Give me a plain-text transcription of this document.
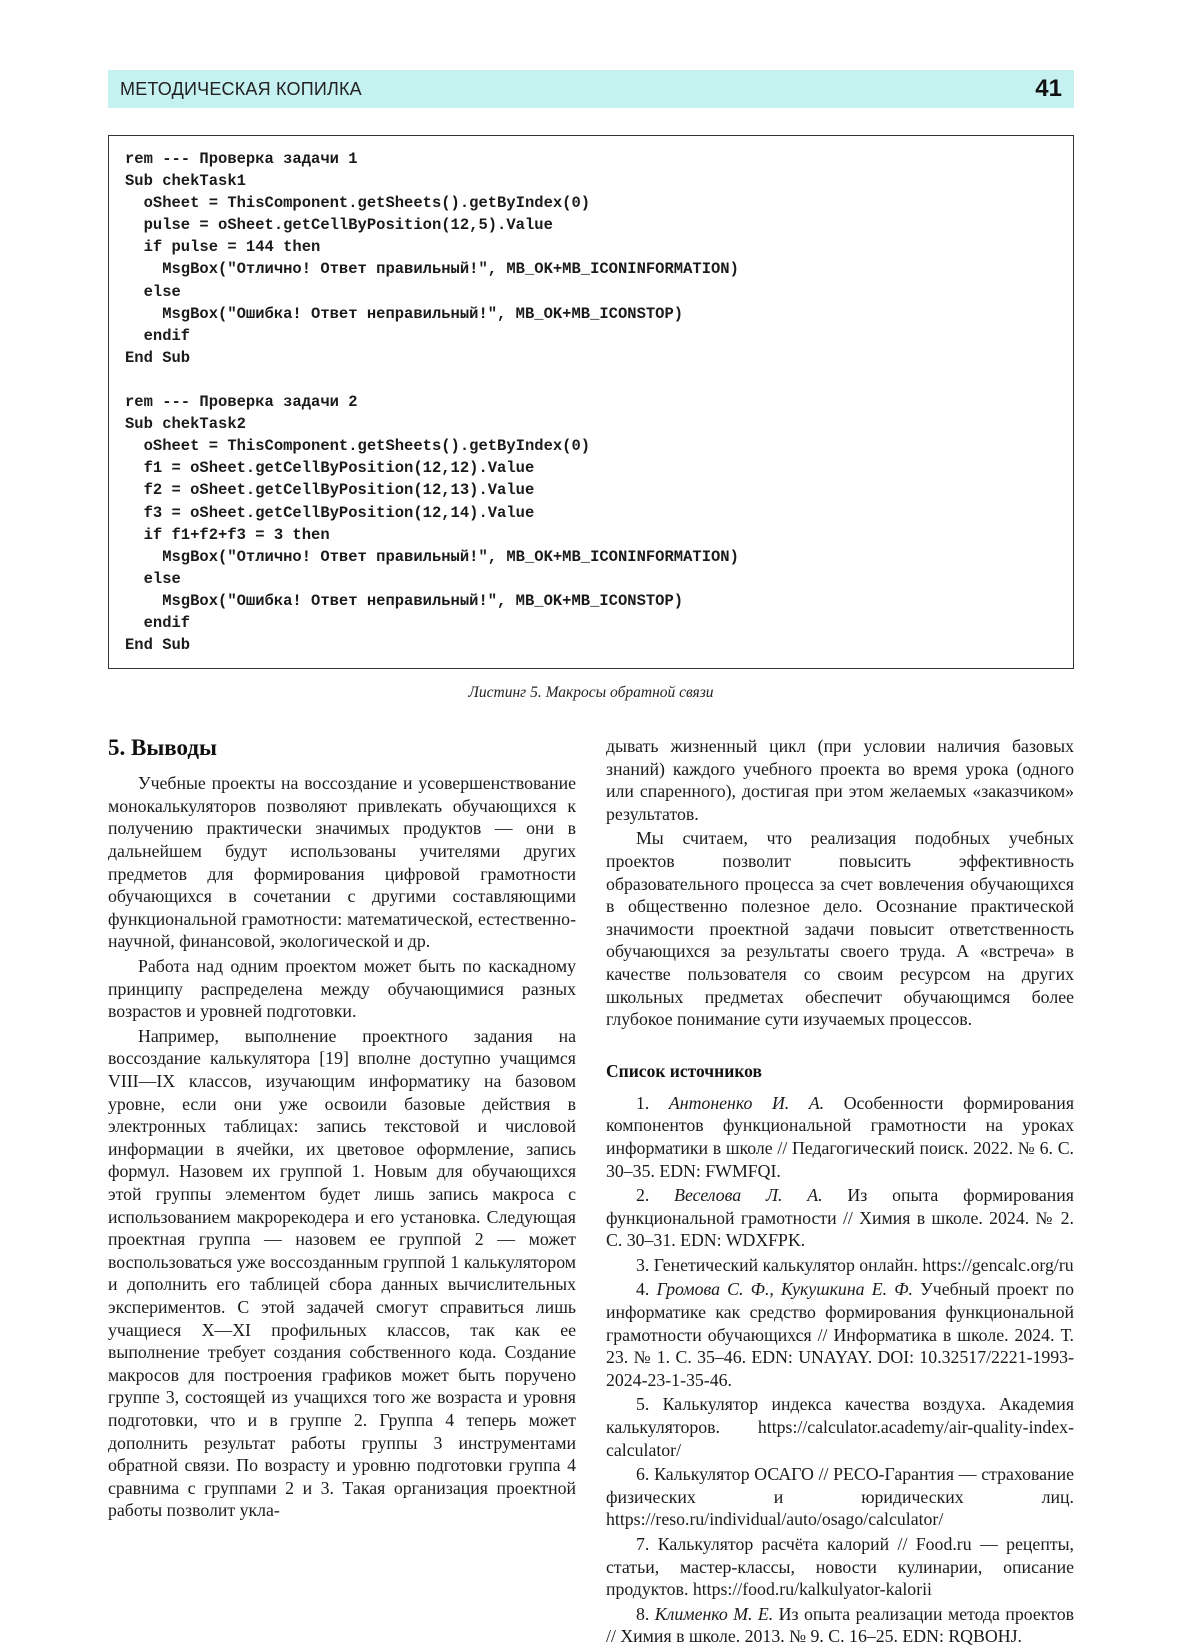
МЕТОДИЧЕСКАЯ КОПИЛКА	41
rem --- Проверка задачи 1
Sub chekTask1
oSheet = ThisComponent.getSheets().getByIndex(0)
pulse = oSheet.getCellByPosition(12,5).Value
if pulse = 144 then
MsgBox("Отлично! Ответ правильный!", MB_OK+MB_ICONINFORMATION)
else
MsgBox("Ошибка! Ответ неправильный!", MB_OK+MB_ICONSTOP)
endif
End Sub
rem --- Проверка задачи 2
Sub chekTask2
oSheet = ThisComponent.getSheets().getByIndex(0)
f1 = oSheet.getCellByPosition(12,12).Value
f2 = oSheet.getCellByPosition(12,13).Value
f3 = oSheet.getCellByPosition(12,14).Value
if f1+f2+f3 = 3 then
MsgBox("Отлично! Ответ правильный!", MB_OK+MB_ICONINFORMATION)
else
MsgBox("Ошибка! Ответ неправильный!", MB_OK+MB_ICONSTOP)
endif
End Sub
Листинг 5. Макросы обратной связи
5. Выводы

Учебные проекты на воссоздание и усовершенствование монокалькуляторов позволяют привлекать обучающихся к получению практически значимых продуктов — они в дальнейшем будут использованы учителями других предметов для формирования цифровой грамотности обучающихся в сочетании с другими составляющими функциональной грамотности: математической, естественно-научной, финансовой, экологической и др.

Работа над одним проектом может быть по каскадному принципу распределена между обучающимися разных возрастов и уровней подготовки.

Например, выполнение проектного задания на воссоздание калькулятора [19] вполне доступно учащимся VIII—IX классов, изучающим информатику на базовом уровне, если они уже освоили базовые действия в электронных таблицах: запись текстовой и числовой информации в ячейки, их цветовое оформление, запись формул. Назовем их группой 1. Новым для обучающихся этой группы элементом будет лишь запись макроса с использованием макрорекодера и его установка. Следующая проектная группа — назовем ее группой 2 — может воспользоваться уже воссозданным группой 1 калькулятором и дополнить его таблицей сбора данных вычислительных экспериментов. С этой задачей смогут справиться лишь учащиеся X—XI профильных классов, так как ее выполнение требует создания собственного кода. Создание макросов для построения графиков может быть поручено группе 3, состоящей из учащихся того же возраста и уровня подготовки, что и в группе 2. Группа 4 теперь может дополнить результат работы группы 3 инструментами обратной связи. По возрасту и уровню подготовки группа 4 сравнима с группами 2 и 3. Такая организация проектной работы позволит укла-

дывать жизненный цикл (при условии наличия базовых знаний) каждого учебного проекта во время урока (одного или спаренного), достигая при этом желаемых «заказчиком» результатов.

Мы считаем, что реализация подобных учебных проектов позволит повысить эффективность образовательного процесса за счет вовлечения обучающихся в общественно полезное дело. Осознание практической значимости проектной задачи повысит ответственность обучающихся за результаты своего труда. А «встреча» в качестве пользователя со своим ресурсом на других школьных предметах обеспечит обучающимся более глубокое понимание сути изучаемых процессов.

Список источников

1. Антоненко И. А. Особенности формирования компонентов функциональной грамотности на уроках информатики в школе // Педагогический поиск. 2022. № 6. С. 30–35. EDN: FWMFQI.

2. Веселова Л. А. Из опыта формирования функциональной грамотности // Химия в школе. 2024. № 2. С. 30–31. EDN: WDXFPK.

3. Генетический калькулятор онлайн. https://gencalc.org/ru

4. Громова С. Ф., Кукушкина Е. Ф. Учебный проект по информатике как средство формирования функциональной грамотности обучающихся // Информатика в школе. 2024. Т. 23. № 1. С. 35–46. EDN: UNAYAY. DOI: 10.32517/2221-1993-2024-23-1-35-46.

5. Калькулятор индекса качества воздуха. Академия калькуляторов. https://calculator.academy/air-quality-index-calculator/

6. Калькулятор ОСАГО // РЕСО-Гарантия — страхование физических и юридических лиц. https://reso.ru/individual/auto/osago/calculator/

7. Калькулятор расчёта калорий // Food.ru — рецепты, статьи, мастер-классы, новости кулинарии, описание продуктов. https://food.ru/kalkulyator-kalorii

8. Клименко М. Е. Из опыта реализации метода проектов // Химия в школе. 2013. № 9. С. 16–25. EDN: RQBOHJ.
